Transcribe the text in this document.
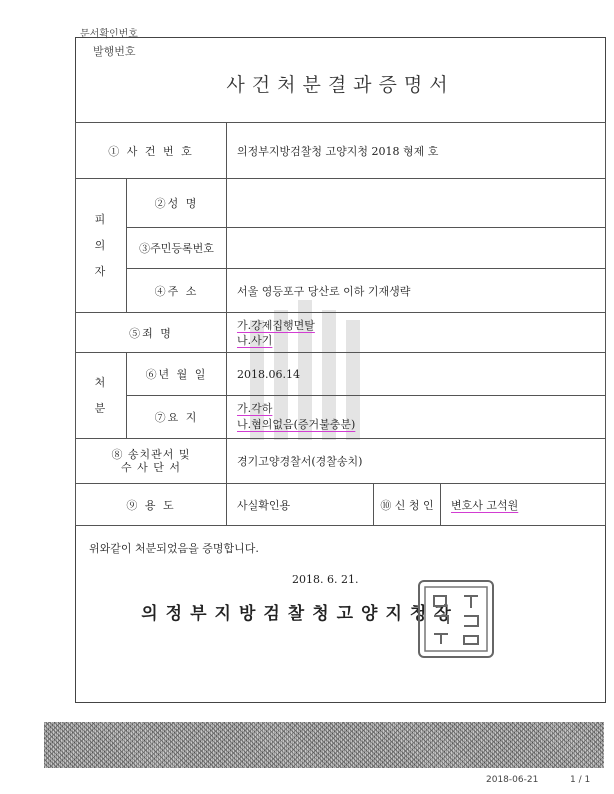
문서확인번호
발행번호
사건처분결과증명서
① 사 건 번 호		의정부지방검찰청 고양지청 2018 형제 호		
피
의
자	②성 명			
	③주민등록번호			
	④주 소	서울 영등포구 당산로 이하 기재생략		
⑤죄 명		가.강제집행면탈
나.사기		

처
분	⑥년 월 일	2018.06.14		
	⑦요 지	가.각하
나.혐의없음(증거불충분)		

⑧ 송치관서 및
수 사 단 서		경기고양경찰서(경찰송치)		
⑨ 용 도		사실확인용	⑩ 신 청 인	변호사 고석원
위와같이 처분되었음을 증명합니다.
2018. 6. 21.
의정부지방검찰청고양지청장
2018-06-21	1 / 1
